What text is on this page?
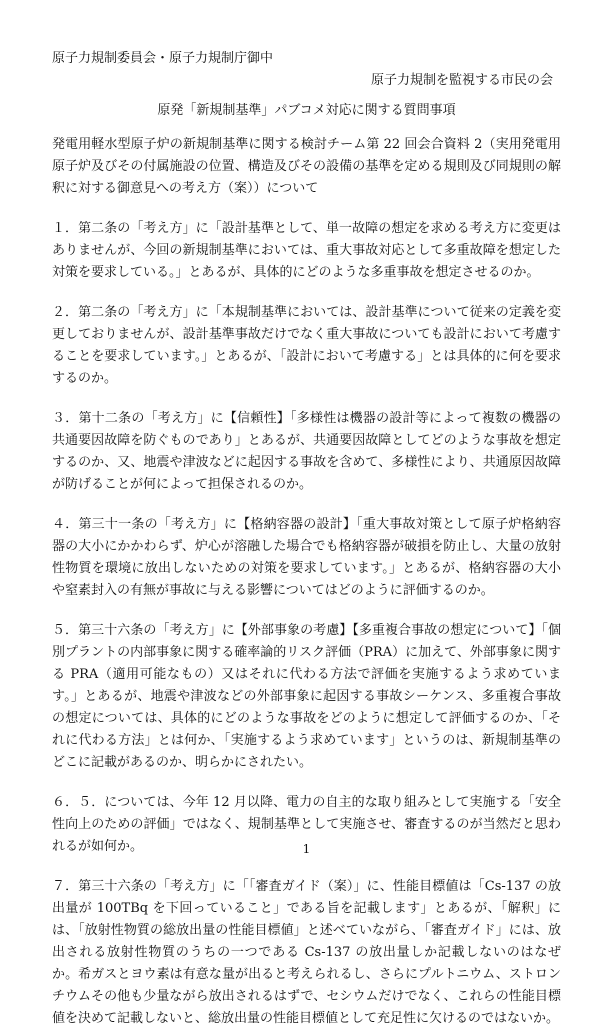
原子力規制委員会・原子力規制庁御中

原子力規制を監視する市民の会

原発「新規制基準」パブコメ対応に関する質問事項

発電用軽水型原子炉の新規制基準に関する検討チーム第 22 回会合資料 2（実用発電用原子炉及びその付属施設の位置、構造及びその設備の基準を定める規則及び同規則の解釈に対する御意見への考え方（案））について

１．第二条の「考え方」に「設計基準として、単一故障の想定を求める考え方に変更はありませんが、今回の新規制基準においては、重大事故対応として多重故障を想定した対策を要求している。」とあるが、具体的にどのような多重事故を想定させるのか。

２．第二条の「考え方」に「本規制基準においては、設計基準について従来の定義を変更しておりませんが、設計基準事故だけでなく重大事故についても設計において考慮することを要求しています。」とあるが、「設計において考慮する」とは具体的に何を要求するのか。

３．第十二条の「考え方」に【信頼性】「多様性は機器の設計等によって複数の機器の共通要因故障を防ぐものであり」とあるが、共通要因故障としてどのような事故を想定するのか、又、地震や津波などに起因する事故を含めて、多様性により、共通原因故障が防げることが何によって担保されるのか。

４．第三十一条の「考え方」に【格納容器の設計】「重大事故対策として原子炉格納容器の大小にかかわらず、炉心が溶融した場合でも格納容器が破損を防止し、大量の放射性物質を環境に放出しないための対策を要求しています。」とあるが、格納容器の大小や窒素封入の有無が事故に与える影響についてはどのように評価するのか。

５．第三十六条の「考え方」に【外部事象の考慮】【多重複合事故の想定について】「個別プラントの内部事象に関する確率論的リスク評価（PRA）に加えて、外部事象に関する PRA（適用可能なもの）又はそれに代わる方法で評価を実施するよう求めています。」とあるが、地震や津波などの外部事象に起因する事故シーケンス、多重複合事故の想定については、具体的にどのような事故をどのように想定して評価するのか、「それに代わる方法」とは何か、「実施するよう求めています」というのは、新規制基準のどこに記載があるのか、明らかにされたい。

６．５．については、今年 12 月以降、電力の自主的な取り組みとして実施する「安全性向上のための評価」ではなく、規制基準として実施させ、審査するのが当然だと思われるが如何か。

７．第三十六条の「考え方」に「「審査ガイド（案）」に、性能目標値は「Cs-137 の放出量が 100TBq を下回っていること」である旨を記載します」とあるが、「解釈」には、「放射性物質の総放出量の性能目標値」と述べていながら、「審査ガイド」には、放出される放射性物質のうちの一つである Cs-137 の放出量しか記載しないのはなぜか。希ガスとヨウ素は有意な量が出ると考えられるし、さらにプルトニウム、ストロンチウムその他も少量ながら放出されるはずで、セシウムだけでなく、これらの性能目標値を決めて記載しないと、総放出量の性能目標値として充足性に欠けるのではないか。

1
